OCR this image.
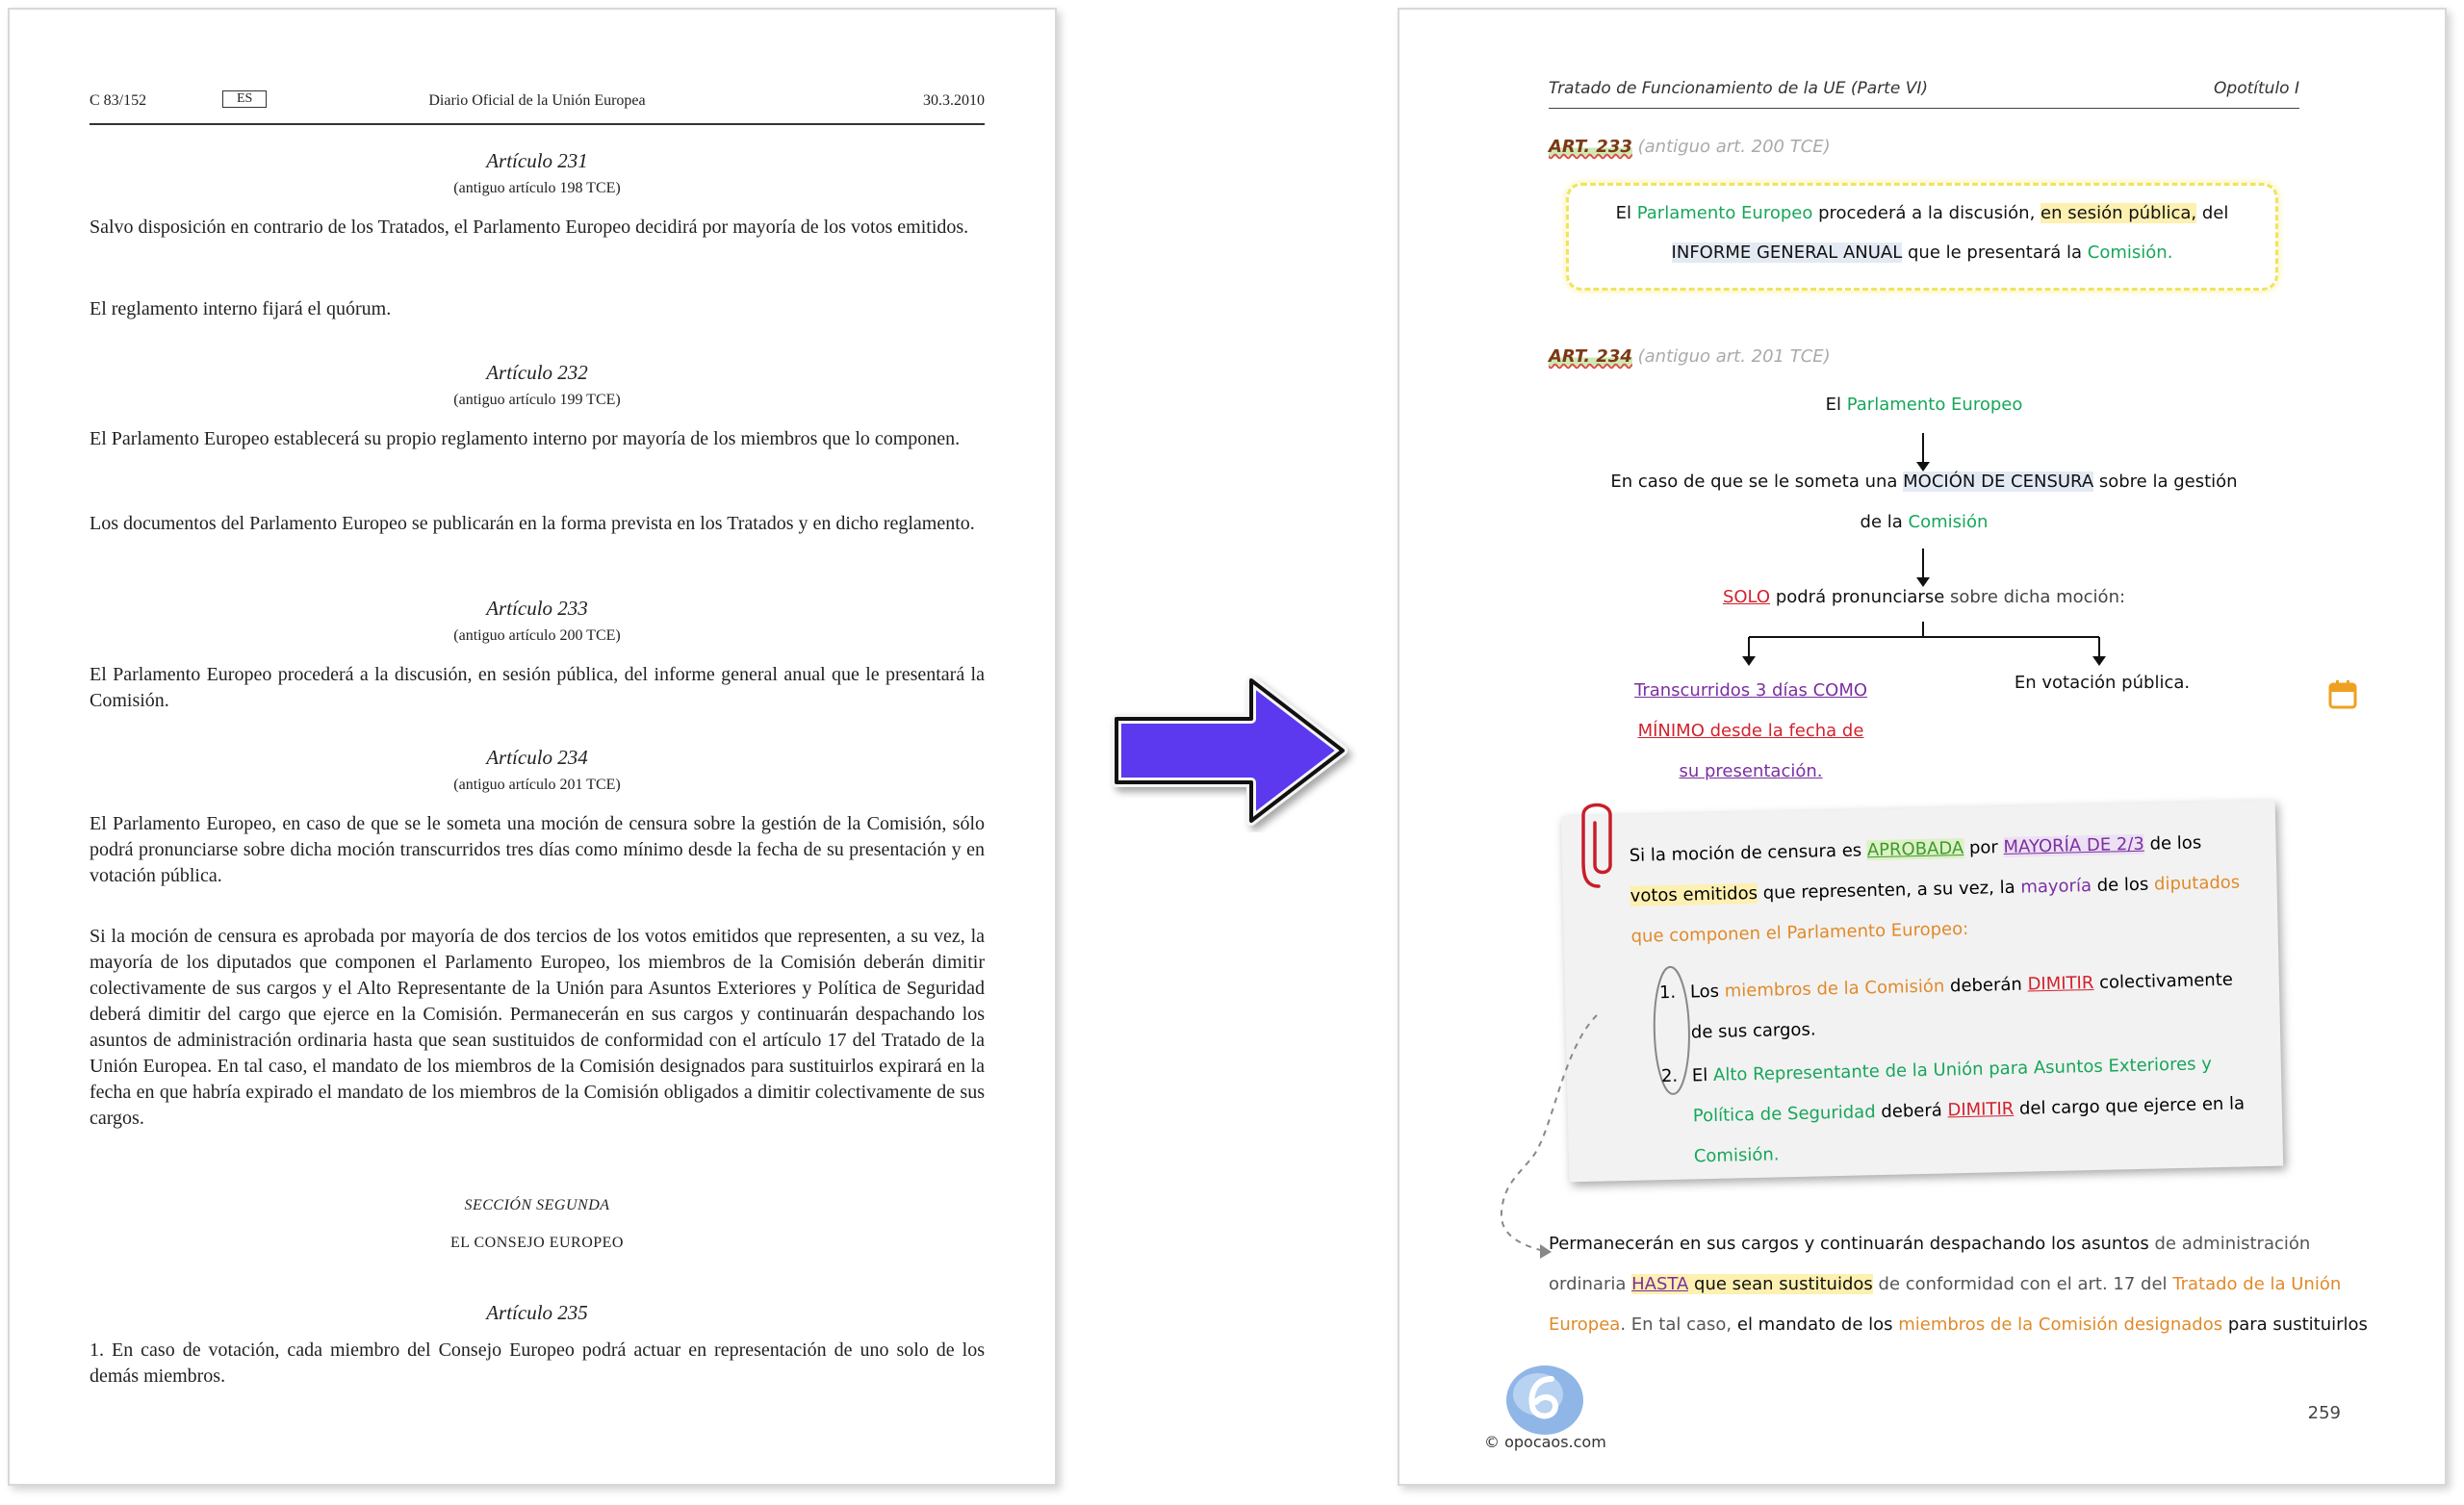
C 83/152	ES	Diario Oficial de la Unión Europea	30.3.2010
Artículo 231
(antiguo artículo 198 TCE)
Salvo disposición en contrario de los Tratados, el Parlamento Europeo decidirá por mayoría de los votos emitidos.
El reglamento interno fijará el quórum.
Artículo 232
(antiguo artículo 199 TCE)
El Parlamento Europeo establecerá su propio reglamento interno por mayoría de los miembros que lo componen.
Los documentos del Parlamento Europeo se publicarán en la forma prevista en los Tratados y en dicho reglamento.
Artículo 233
(antiguo artículo 200 TCE)
El Parlamento Europeo procederá a la discusión, en sesión pública, del informe general anual que le presentará la Comisión.
Artículo 234
(antiguo artículo 201 TCE)
El Parlamento Europeo, en caso de que se le someta una moción de censura sobre la gestión de la Comisión, sólo podrá pronunciarse sobre dicha moción transcurridos tres días como mínimo desde la fecha de su presentación y en votación pública.
Si la moción de censura es aprobada por mayoría de dos tercios de los votos emitidos que representen, a su vez, la mayoría de los diputados que componen el Parlamento Europeo, los miembros de la Comisión deberán dimitir colectivamente de sus cargos y el Alto Representante de la Unión para Asuntos Exteriores y Política de Seguridad deberá dimitir del cargo que ejerce en la Comisión. Permanecerán en sus cargos y continuarán despachando los asuntos de administración ordinaria hasta que sean sustituidos de conformidad con el artículo 17 del Tratado de la Unión Europea. En tal caso, el mandato de los miembros de la Comisión designados para sustituirlos expirará en la fecha en que habría expirado el mandato de los miembros de la Comisión obligados a dimitir colectivamente de sus cargos.
SECCIÓN SEGUNDA
EL CONSEJO EUROPEO
Artículo 235
1. En caso de votación, cada miembro del Consejo Europeo podrá actuar en representación de uno solo de los demás miembros.
Tratado de Funcionamiento de la UE (Parte VI)	Opotítulo I
ART. 233 (antiguo art. 200 TCE)
El Parlamento Europeo procederá a la discusión, en sesión pública, del INFORME GENERAL ANUAL que le presentará la Comisión.
ART. 234 (antiguo art. 201 TCE)
El Parlamento Europeo
En caso de que se le someta una MOCIÓN DE CENSURA sobre la gestión
de la Comisión
SOLO podrá pronunciarse sobre dicha moción:
Transcurridos 3 días COMO
MÍNIMO desde la fecha de
su presentación.
En votación pública.
Si la moción de censura es APROBADA por MAYORÍA DE 2/3 de los
votos emitidos que representen, a su vez, la mayoría de los diputados
que componen el Parlamento Europeo:
1. Los miembros de la Comisión deberán DIMITIR colectivamente
de sus cargos.
2. El Alto Representante de la Unión para Asuntos Exteriores y
Política de Seguridad deberá DIMITIR del cargo que ejerce en la
Comisión.
Permanecerán en sus cargos y continuarán despachando los asuntos de administración
ordinaria HASTA que sean sustituidos de conformidad con el art. 17 del Tratado de la Unión
Europea. En tal caso, el mandato de los miembros de la Comisión designados para sustituirlos
© opocaos.com
259
